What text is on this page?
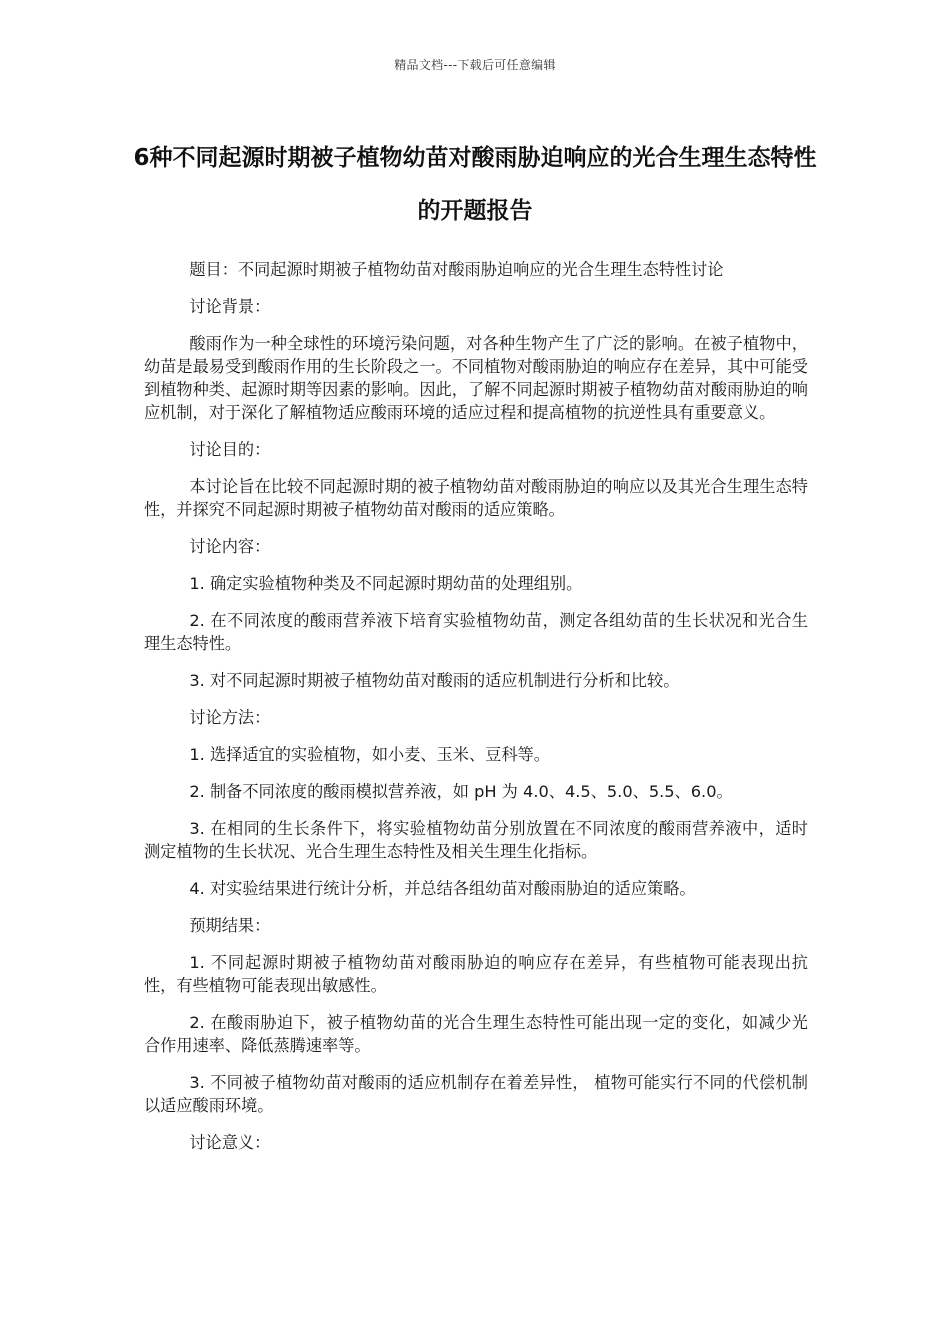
精品文档---下载后可任意编辑
6种不同起源时期被子植物幼苗对酸雨胁迫响应的光合生理生态特性的开题报告

题目：不同起源时期被子植物幼苗对酸雨胁迫响应的光合生理生态特性讨论

讨论背景：

酸雨作为一种全球性的环境污染问题，对各种生物产生了广泛的影响。在被子植物中，幼苗是最易受到酸雨作用的生长阶段之一。不同植物对酸雨胁迫的响应存在差异，其中可能受到植物种类、起源时期等因素的影响。因此，了解不同起源时期被子植物幼苗对酸雨胁迫的响应机制，对于深化了解植物适应酸雨环境的适应过程和提高植物的抗逆性具有重要意义。

讨论目的：

本讨论旨在比较不同起源时期的被子植物幼苗对酸雨胁迫的响应以及其光合生理生态特性，并探究不同起源时期被子植物幼苗对酸雨的适应策略。

讨论内容：

1. 确定实验植物种类及不同起源时期幼苗的处理组别。

2. 在不同浓度的酸雨营养液下培育实验植物幼苗，测定各组幼苗的生长状况和光合生理生态特性。

3. 对不同起源时期被子植物幼苗对酸雨的适应机制进行分析和比较。

讨论方法：

1. 选择适宜的实验植物，如小麦、玉米、豆科等。

2. 制备不同浓度的酸雨模拟营养液，如 pH 为 4.0、4.5、5.0、5.5、6.0。

3. 在相同的生长条件下，将实验植物幼苗分别放置在不同浓度的酸雨营养液中，适时测定植物的生长状况、光合生理生态特性及相关生理生化指标。

4. 对实验结果进行统计分析，并总结各组幼苗对酸雨胁迫的适应策略。

预期结果：

1. 不同起源时期被子植物幼苗对酸雨胁迫的响应存在差异，有些植物可能表现出抗性，有些植物可能表现出敏感性。

2. 在酸雨胁迫下，被子植物幼苗的光合生理生态特性可能出现一定的变化，如减少光合作用速率、降低蒸腾速率等。

3. 不同被子植物幼苗对酸雨的适应机制存在着差异性， 植物可能实行不同的代偿机制以适应酸雨环境。

讨论意义：
